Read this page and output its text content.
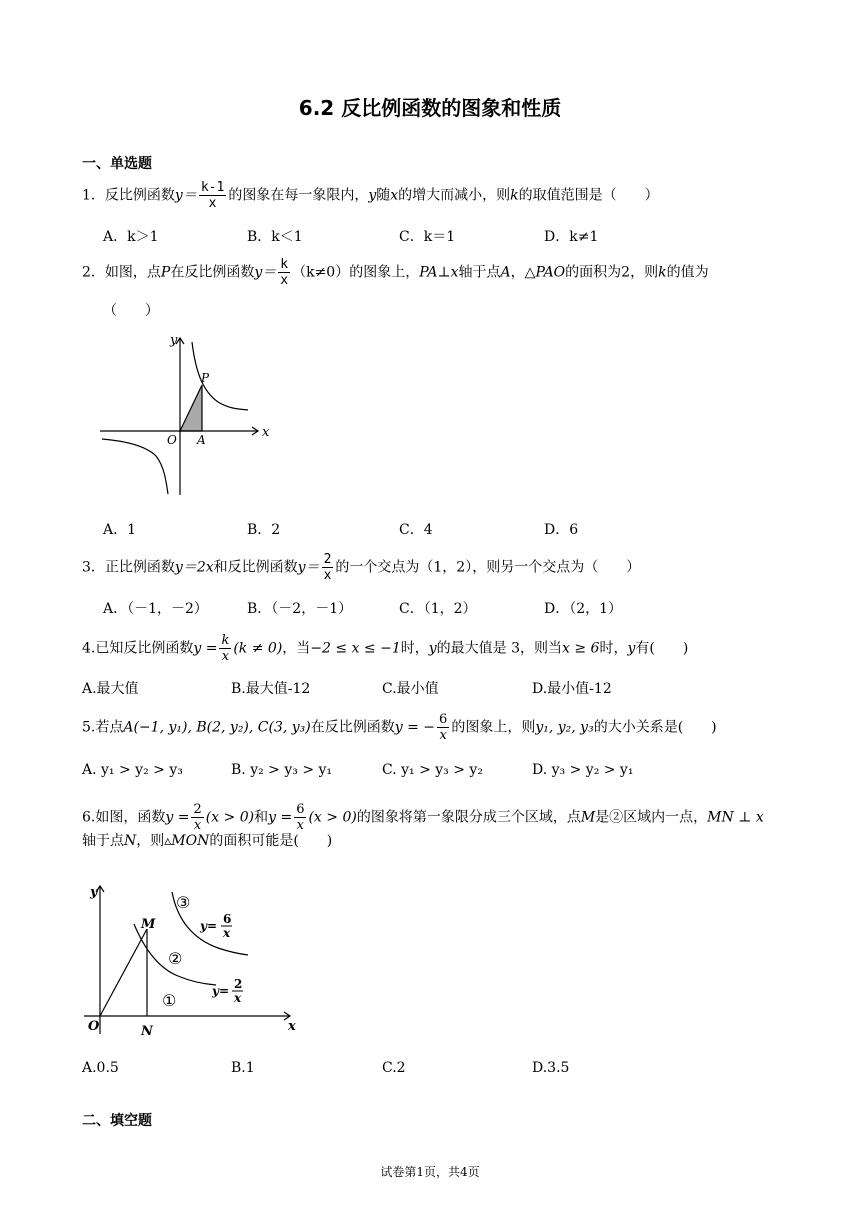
6.2 反比例函数的图象和性质
一、单选题
1．反比例函数$y= \frac{k-1}{x}$ 的图象在每一象限内，y随x的增大而减小，则k的取值范围是（　　）
A．k＞1	B．k＜1	C．k＝1	D．k≠1
2．如图，点P在反比例函数$y= \frac{k}{x} (k\ne 0)$的图象上，PA⊥x轴于点A，△PAO的面积为2，则k的值为
（　　）
y
x
O A
P
A．1	B．2	C．4	D．6
3．正比例函数y＝2x和反比例函数$y= \frac{2}{x}$ 的一个交点为（1，2），则另一个交点为（　　）
A．（－1，－2）	B．（－2，－1）	C．（1，2）	D．（2，1）
4.已知反比例函数$y = \frac{k}{x} (k \ne 0)$，当−2 ≤ x ≤ −1时，y的最大值是 3，则当x ≥ 6时，y有(　　)
A.最大值	B.最大值-12	C.最小值	D.最小值-12
5.若点A(−1, y₁), B(2, y₂), C(3, y₃)在反比例函数y = − $\frac{6}{x}$ 的图象上，则y₁, y₂, y₃的大小关系是(　　)
A. y₁ > y₂ > y₃	B. y₂ > y₃ > y₁	C. y₁ > y₃ > y₂	D. y₃ > y₂ > y₁
6.如图，函数$y = \frac{2}{x} (x > 0)$和$y = \frac{6}{x} (x > 0)$的图象将第一象限分成三个区域，点M是②区域内一点，MN ⊥ x
轴于点N，则▵MON的面积可能是(　　)
y
x
O	N
M
①
②
③
y= 6
x
y= 2
x
A.0.5	B.1	C.2	D.3.5
二、填空题
试卷第1页，共4页
